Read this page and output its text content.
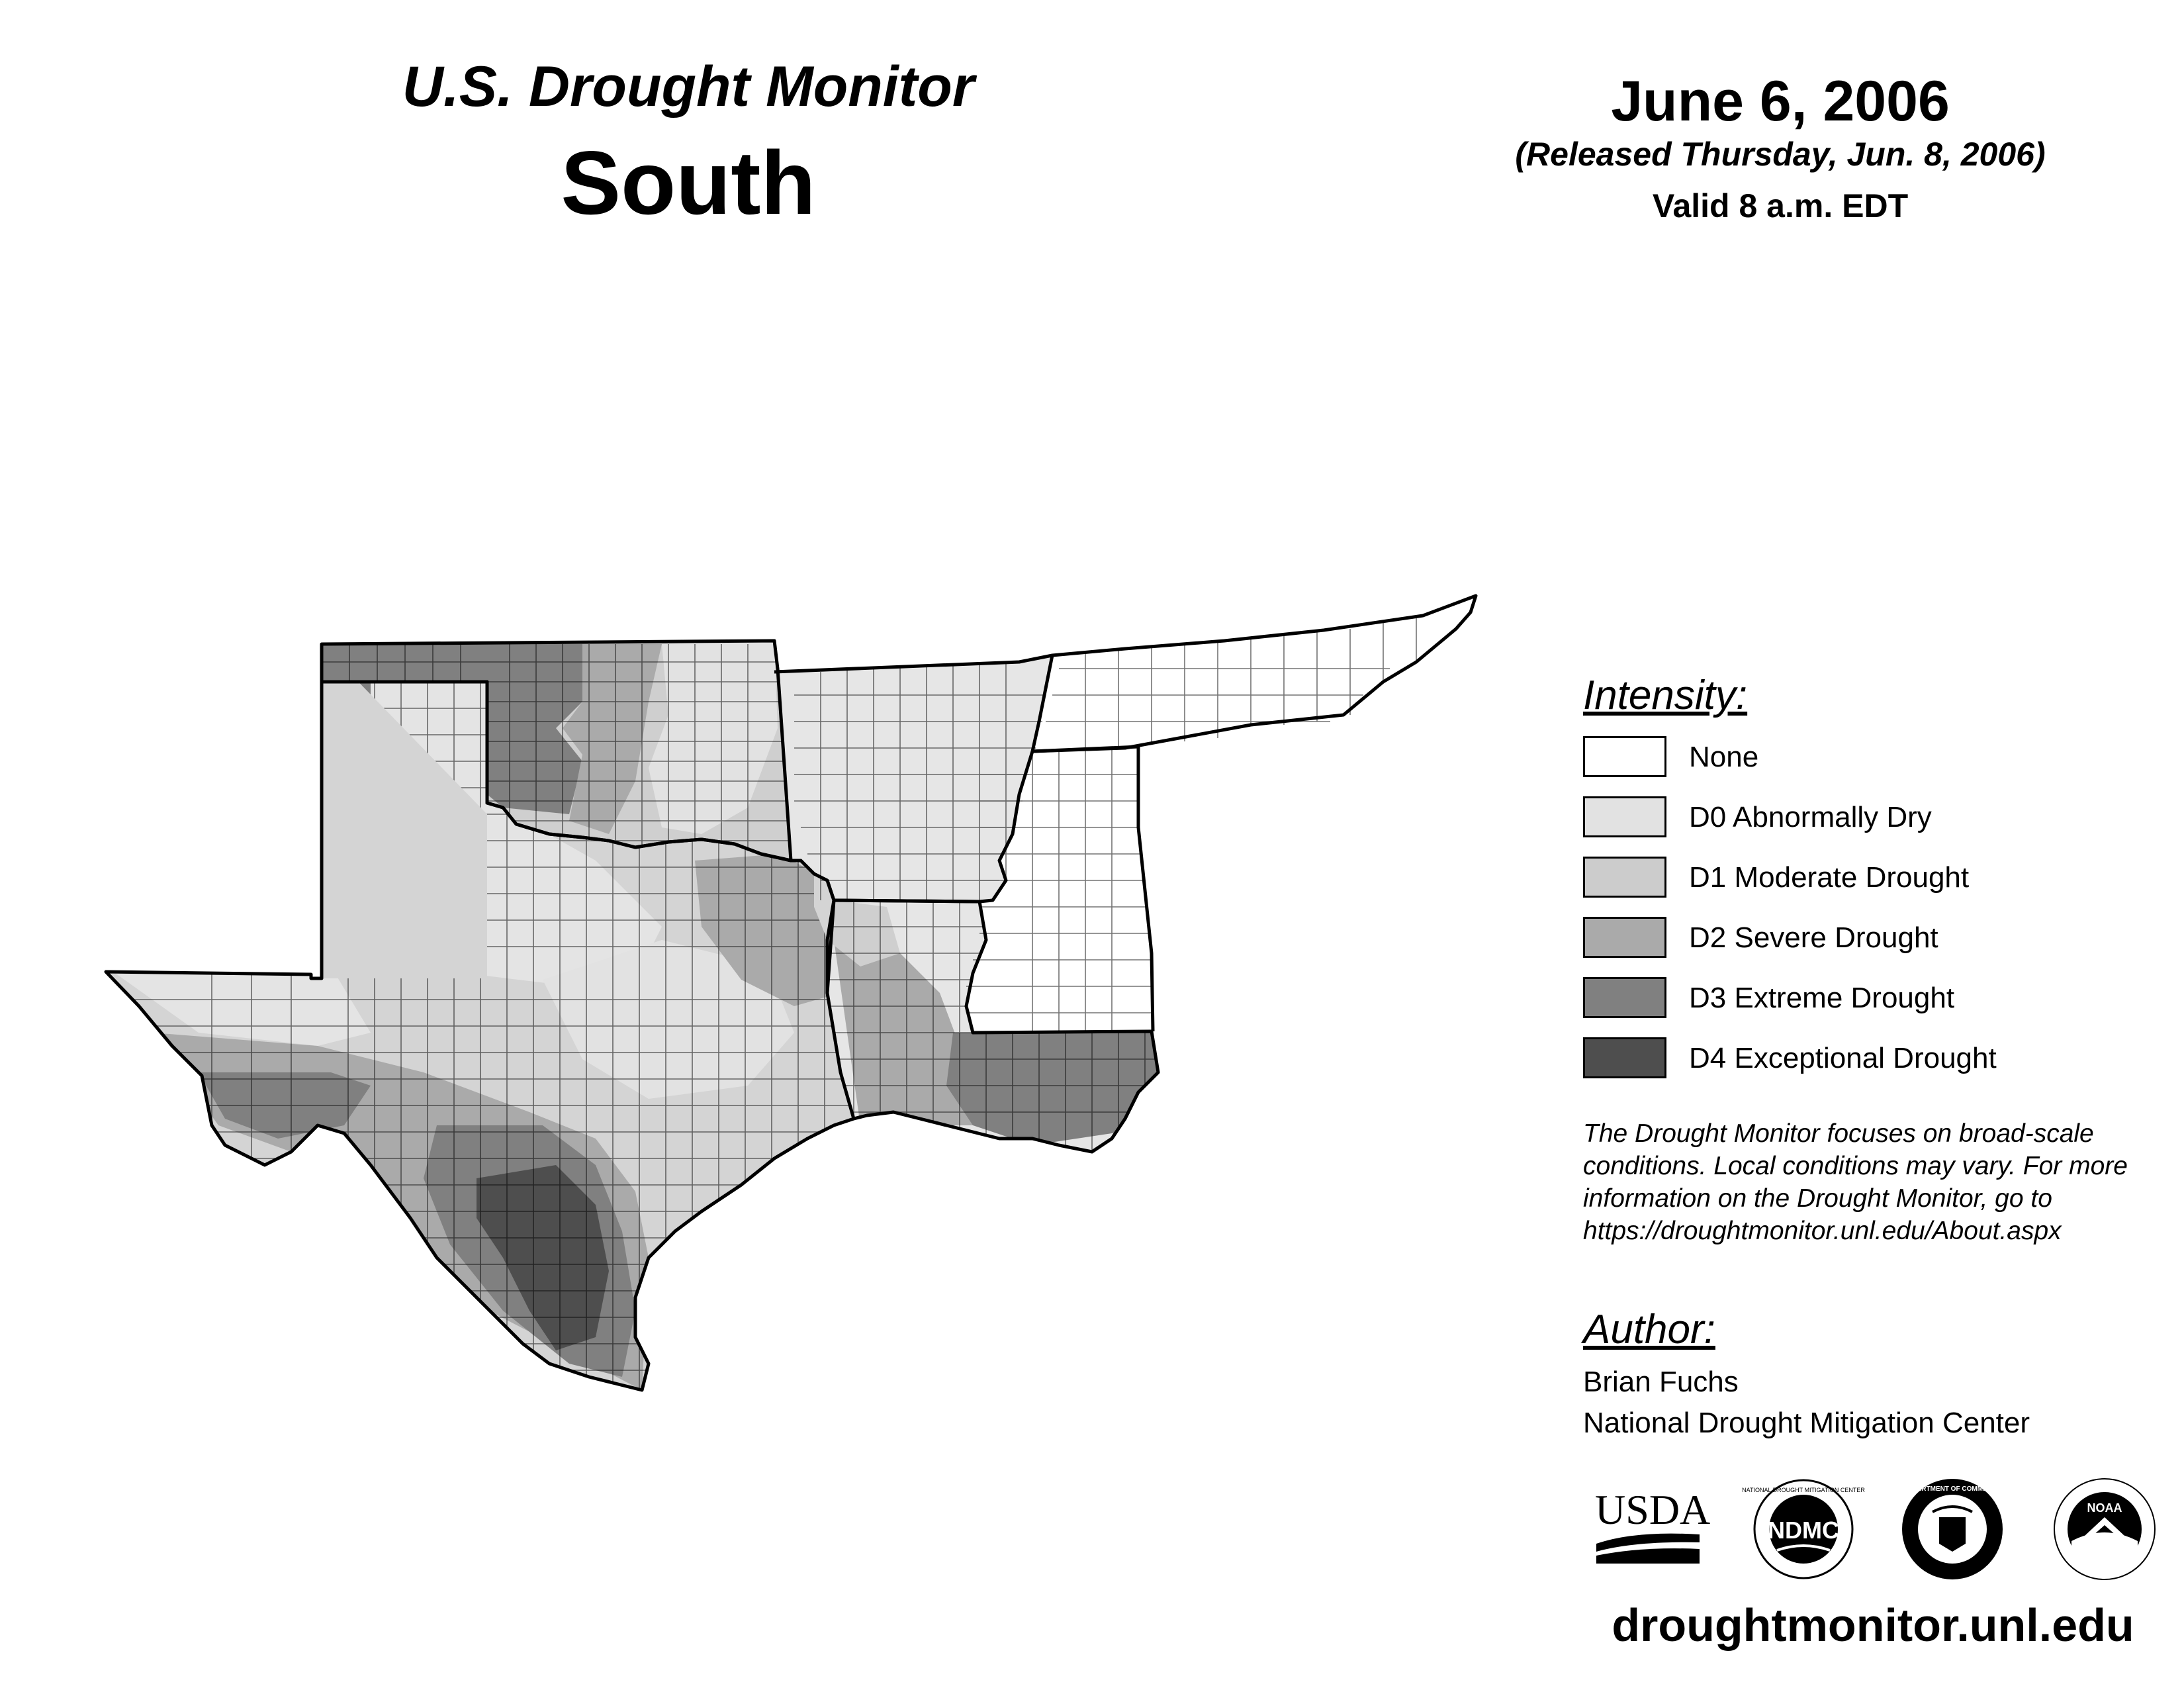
U.S. Drought Monitor
South
June 6, 2006
(Released Thursday, Jun. 8, 2006)
Valid 8 a.m. EDT
Intensity:
None
D0 Abnormally Dry
D1 Moderate Drought
D2 Severe Drought
D3 Extreme Drought
D4 Exceptional Drought
The Drought Monitor focuses on broad-scale
conditions. Local conditions may vary. For more
information on the Drought Monitor, go to
https://droughtmonitor.unl.edu/About.aspx
Author:
Brian Fuchs
National Drought Mitigation Center
USDA NDMC
NATIONAL DROUGHT MITIGATION CENTER	DEPARTMENT OF COMMERCE
NOAA
droughtmonitor.unl.edu
